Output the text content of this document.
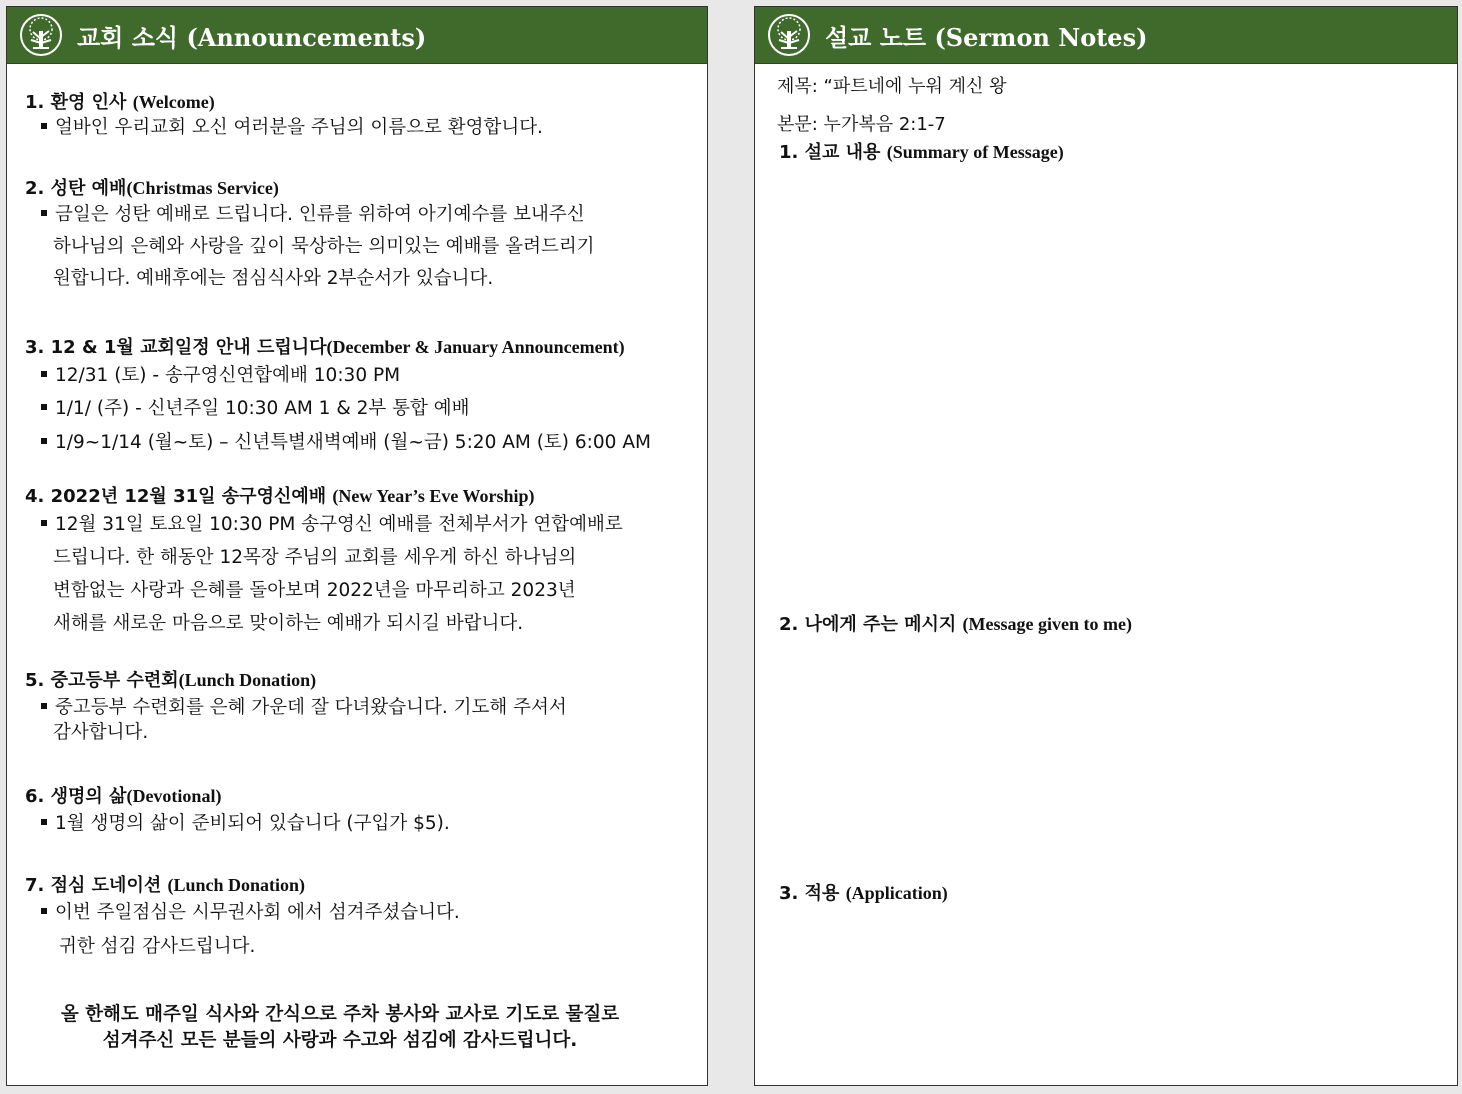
교회 소식 (Announcements)
1. 환영 인사 (Welcome)
얼바인 우리교회 오신 여러분을 주님의 이름으로 환영합니다.
2. 성탄 예배(Christmas Service)
금일은 성탄 예배로 드립니다. 인류를 위하여 아기예수를 보내주신
하나님의 은혜와 사랑을 깊이 묵상하는 의미있는 예배를 올려드리기
원합니다. 예배후에는 점심식사와 2부순서가 있습니다.
3. 12 & 1월 교회일정 안내 드립니다(December & January Announcement)
12/31 (토) - 송구영신연합예배 10:30 PM
1/1/ (주) - 신년주일 10:30 AM 1 & 2부 통합 예배
1/9~1/14 (월~토) – 신년특별새벽예배 (월~금) 5:20 AM (토) 6:00 AM
4. 2022년 12월 31일 송구영신예배 (New Year’s Eve Worship)
12월 31일 토요일 10:30 PM 송구영신 예배를 전체부서가 연합예배로
드립니다. 한 해동안 12목장 주님의 교회를 세우게 하신 하나님의
변함없는 사랑과 은혜를 돌아보며 2022년을 마무리하고 2023년
새해를 새로운 마음으로 맞이하는 예배가 되시길 바랍니다.
5. 중고등부 수련회(Lunch Donation)
중고등부 수련회를 은혜 가운데 잘 다녀왔습니다. 기도해 주셔서
감사합니다.
6. 생명의 삶(Devotional)
1월 생명의 삶이 준비되어 있습니다 (구입가 $5).
7. 점심 도네이션 (Lunch Donation)
이번 주일점심은 시무권사회 에서 섬겨주셨습니다.
귀한 섬김 감사드립니다.
올 한해도 매주일 식사와 간식으로 주차 봉사와 교사로 기도로 물질로
섬겨주신 모든 분들의 사랑과 수고와 섬김에 감사드립니다.
설교 노트 (Sermon Notes)
제목: “파트네에 누워 계신 왕
본문: 누가복음 2:1-7
1. 설교 내용 (Summary of Message)
2. 나에게 주는 메시지 (Message given to me)
3. 적용 (Application)
